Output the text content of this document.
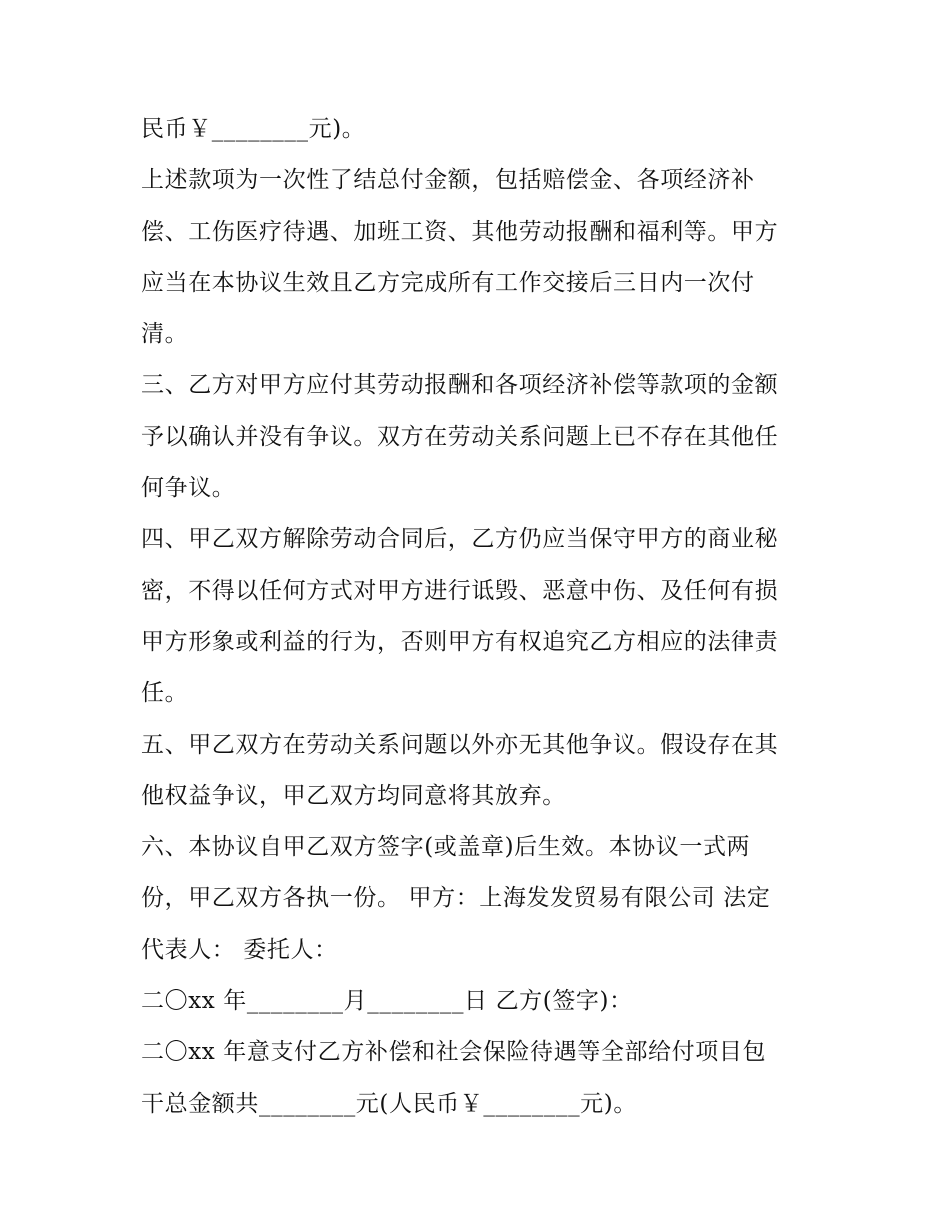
民币￥________元)。
上述款项为一次性了结总付金额，包括赔偿金、各项经济补
偿、工伤医疗待遇、加班工资、其他劳动报酬和福利等。甲方
应当在本协议生效且乙方完成所有工作交接后三日内一次付
清。
三、乙方对甲方应付其劳动报酬和各项经济补偿等款项的金额
予以确认并没有争议。双方在劳动关系问题上已不存在其他任
何争议。
四、甲乙双方解除劳动合同后，乙方仍应当保守甲方的商业秘
密，不得以任何方式对甲方进行诋毁、恶意中伤、及任何有损
甲方形象或利益的行为，否则甲方有权追究乙方相应的法律责
任。
五、甲乙双方在劳动关系问题以外亦无其他争议。假设存在其
他权益争议，甲乙双方均同意将其放弃。
六、本协议自甲乙双方签字(或盖章)后生效。本协议一式两
份，甲乙双方各执一份。 甲方：上海发发贸易有限公司 法定
代表人： 委托人：
二〇xx 年________月________日 乙方(签字)：
二〇xx 年意支付乙方补偿和社会保险待遇等全部给付项目包
干总金额共________元(人民币￥________元)。
